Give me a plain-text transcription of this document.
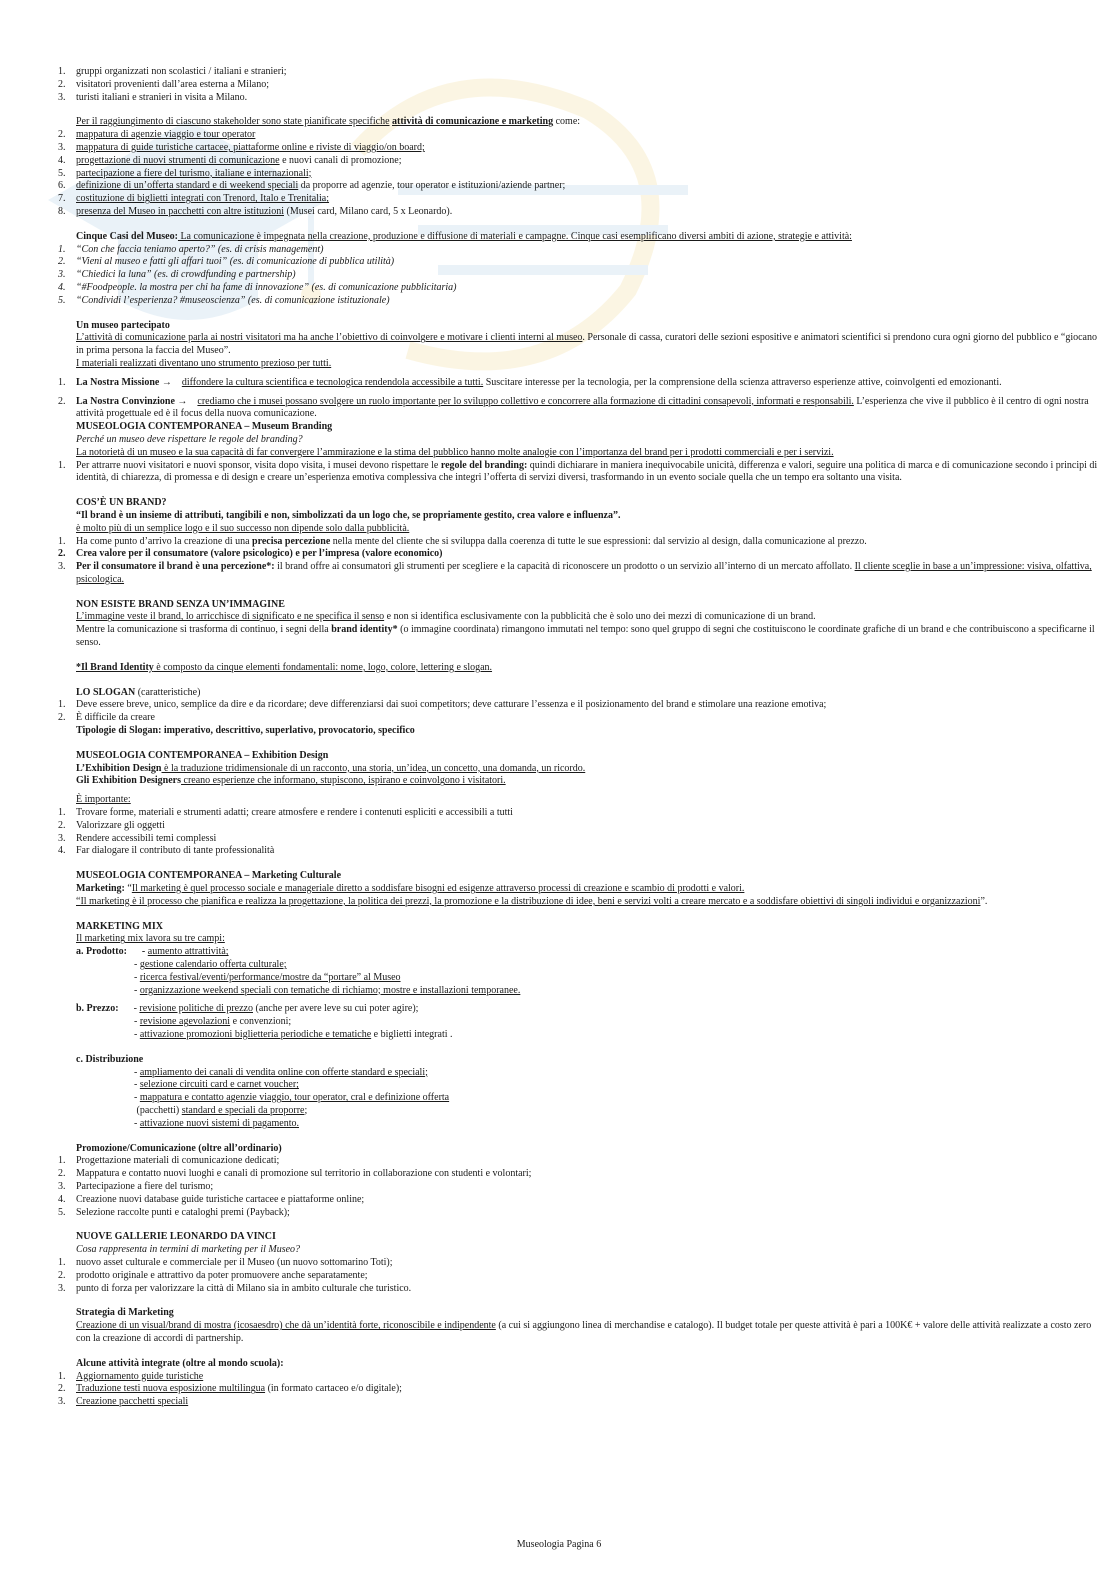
1. gruppi organizzati non scolastici / italiani e stranieri;

2. visitatori provenienti dall’area esterna a Milano;

3. turisti italiani e stranieri in visita a Milano.

Per il raggiungimento di ciascuno stakeholder sono state pianificate specifiche attività di comunicazione e marketing come:

2. mappatura di agenzie viaggio e tour operator

3. mappatura di guide turistiche cartacee, piattaforme online e riviste di viaggio/on board;

4. progettazione di nuovi strumenti di comunicazione e nuovi canali di promozione;

5. partecipazione a fiere del turismo, italiane e internazionali;

6. definizione di un’offerta standard e di weekend speciali da proporre ad agenzie, tour operator e istituzioni/aziende partner;

7. costituzione di biglietti integrati con Trenord, Italo e Trenitalia;

8. presenza del Museo in pacchetti con altre istituzioni (Musei card, Milano card, 5 x Leonardo).

Cinque Casi del Museo: La comunicazione è impegnata nella creazione, produzione e diffusione di materiali e campagne. Cinque casi esemplificano diversi ambiti di azione, strategie e attività:

1. “Con che faccia teniamo aperto?” (es. di crisis management)

2. “Vieni al museo e fatti gli affari tuoi” (es. di comunicazione di pubblica utilità)

3. “Chiedici la luna” (es. di crowdfunding e partnership)

4. “#Foodpeople. la mostra per chi ha fame di innovazione” (es. di comunicazione pubblicitaria)

5. “Condividi l’esperienza? #museoscienza” (es. di comunicazione istituzionale)

Un museo partecipato

L’attività di comunicazione parla ai nostri visitatori ma ha anche l’obiettivo di coinvolgere e motivare i clienti interni al museo. Personale di cassa, curatori delle sezioni espositive e animatori scientifici si prendono cura ogni giorno del pubblico e “giocano in prima persona la faccia del Museo”.

I materiali realizzati diventano uno strumento prezioso per tutti.

1. La Nostra Missione → diffondere la cultura scientifica e tecnologica rendendola accessibile a tutti. Suscitare interesse per la tecnologia, per la comprensione della scienza attraverso esperienze attive, coinvolgenti ed emozionanti.

2. La Nostra Convinzione → crediamo che i musei possano svolgere un ruolo importante per lo sviluppo collettivo e concorrere alla formazione di cittadini consapevoli, informati e responsabili. L’esperienza che vive il pubblico è il centro di ogni nostra attività progettuale ed è il focus della nuova comunicazione.

MUSEOLOGIA CONTEMPORANEA – Museum Branding

Perché un museo deve rispettare le regole del branding?

La notorietà di un museo e la sua capacità di far convergere l’ammirazione e la stima del pubblico hanno molte analogie con l’importanza del brand per i prodotti commerciali e per i servizi.

1. Per attrarre nuovi visitatori e nuovi sponsor, visita dopo visita, i musei devono rispettare le regole del branding: quindi dichiarare in maniera inequivocabile unicità, differenza e valori, seguire una politica di marca e di comunicazione secondo i principi di identità, di chiarezza, di promessa e di design e creare un’esperienza emotiva complessiva che integri l’offerta di servizi diversi, trasformando in un evento sociale quella che un tempo era soltanto una visita.

COS’È UN BRAND?

“Il brand è un insieme di attributi, tangibili e non, simbolizzati da un logo che, se propriamente gestito, crea valore e influenza”.

è molto più di un semplice logo e il suo successo non dipende solo dalla pubblicità.

1. Ha come punto d’arrivo la creazione di una precisa percezione nella mente del cliente che si sviluppa dalla coerenza di tutte le sue espressioni: dal servizio al design, dalla comunicazione al prezzo.

2. Crea valore per il consumatore (valore psicologico) e per l’impresa (valore economico)

3. Per il consumatore il brand è una percezione*: il brand offre ai consumatori gli strumenti per scegliere e la capacità di riconoscere un prodotto o un servizio all’interno di un mercato affollato. Il cliente sceglie in base a un’impressione: visiva, olfattiva, psicologica.

NON ESISTE BRAND SENZA UN’IMMAGINE

L’immagine veste il brand, lo arricchisce di significato e ne specifica il senso e non si identifica esclusivamente con la pubblicità che è solo uno dei mezzi di comunicazione di un brand.

Mentre la comunicazione si trasforma di continuo, i segni della brand identity* (o immagine coordinata) rimangono immutati nel tempo: sono quel gruppo di segni che costituiscono le coordinate grafiche di un brand e che contribuiscono a specificarne il senso.

*Il Brand Identity è composto da cinque elementi fondamentali: nome, logo, colore, lettering e slogan.

LO SLOGAN (caratteristiche)

1. Deve essere breve, unico, semplice da dire e da ricordare; deve differenziarsi dai suoi competitors; deve catturare l’essenza e il posizionamento del brand e stimolare una reazione emotiva;

2. È difficile da creare

Tipologie di Slogan: imperativo, descrittivo, superlativo, provocatorio, specifico

MUSEOLOGIA CONTEMPORANEA – Exhibition Design

L’Exhibition Design è la traduzione tridimensionale di un racconto, una storia, un’idea, un concetto, una domanda, un ricordo.

Gli Exhibition Designers creano esperienze che informano, stupiscono, ispirano e coinvolgono i visitatori.

È importante:

1. Trovare forme, materiali e strumenti adatti; creare atmosfere e rendere i contenuti espliciti e accessibili a tutti

2. Valorizzare gli oggetti

3. Rendere accessibili temi complessi

4. Far dialogare il contributo di tante professionalità

MUSEOLOGIA CONTEMPORANEA – Marketing Culturale

Marketing: “Il marketing è quel processo sociale e manageriale diretto a soddisfare bisogni ed esigenze attraverso processi di creazione e scambio di prodotti e valori.

“Il marketing è il processo che pianifica e realizza la progettazione, la politica dei prezzi, la promozione e la distribuzione di idee, beni e servizi volti a creare mercato e a soddisfare obiettivi di singoli individui e organizzazioni”.

MARKETING MIX

Il marketing mix lavora su tre campi:

a. Prodotto: - aumento attrattività;

- gestione calendario offerta culturale;

- ricerca festival/eventi/performance/mostre da “portare” al Museo

- organizzazione weekend speciali con tematiche di richiamo; mostre e installazioni temporanee.

b. Prezzo:      - revisione politiche di prezzo (anche per avere leve su cui poter agire);

- revisione agevolazioni e convenzioni;

- attivazione promozioni biglietteria periodiche e tematiche e biglietti integrati .

c. Distribuzione

- ampliamento dei canali di vendita online con offerte standard e speciali;

- selezione circuiti card e carnet voucher;

- mappatura e contatto agenzie viaggio, tour operator, cral e definizione offerta

(pacchetti) standard e speciali da proporre;

- attivazione nuovi sistemi di pagamento.

Promozione/Comunicazione (oltre all’ordinario)

1. Progettazione materiali di comunicazione dedicati;

2. Mappatura e contatto nuovi luoghi e canali di promozione sul territorio in collaborazione con studenti e volontari;

3. Partecipazione a fiere del turismo;

4. Creazione nuovi database guide turistiche cartacee e piattaforme online;

5. Selezione raccolte punti e cataloghi premi (Payback);

NUOVE GALLERIE LEONARDO DA VINCI

Cosa rappresenta in termini di marketing per il Museo?

1. nuovo asset culturale e commerciale per il Museo (un nuovo sottomarino Toti);

2. prodotto originale e attrattivo da poter promuovere anche separatamente;

3. punto di forza per valorizzare la città di Milano sia in ambito culturale che turistico.

Strategia di Marketing

Creazione di un visual/brand di mostra (icosaesdro) che dà un’identità forte, riconoscibile e indipendente (a cui si aggiungono linea di merchandise e catalogo). Il budget totale per queste attività è pari a 100K€ + valore delle attività realizzate a costo zero con la creazione di accordi di partnership.

Alcune attività integrate (oltre al mondo scuola):

1. Aggiornamento guide turistiche

2. Traduzione testi nuova esposizione multilingua (in formato cartaceo e/o digitale);

3. Creazione pacchetti speciali

Museologia Pagina 6
